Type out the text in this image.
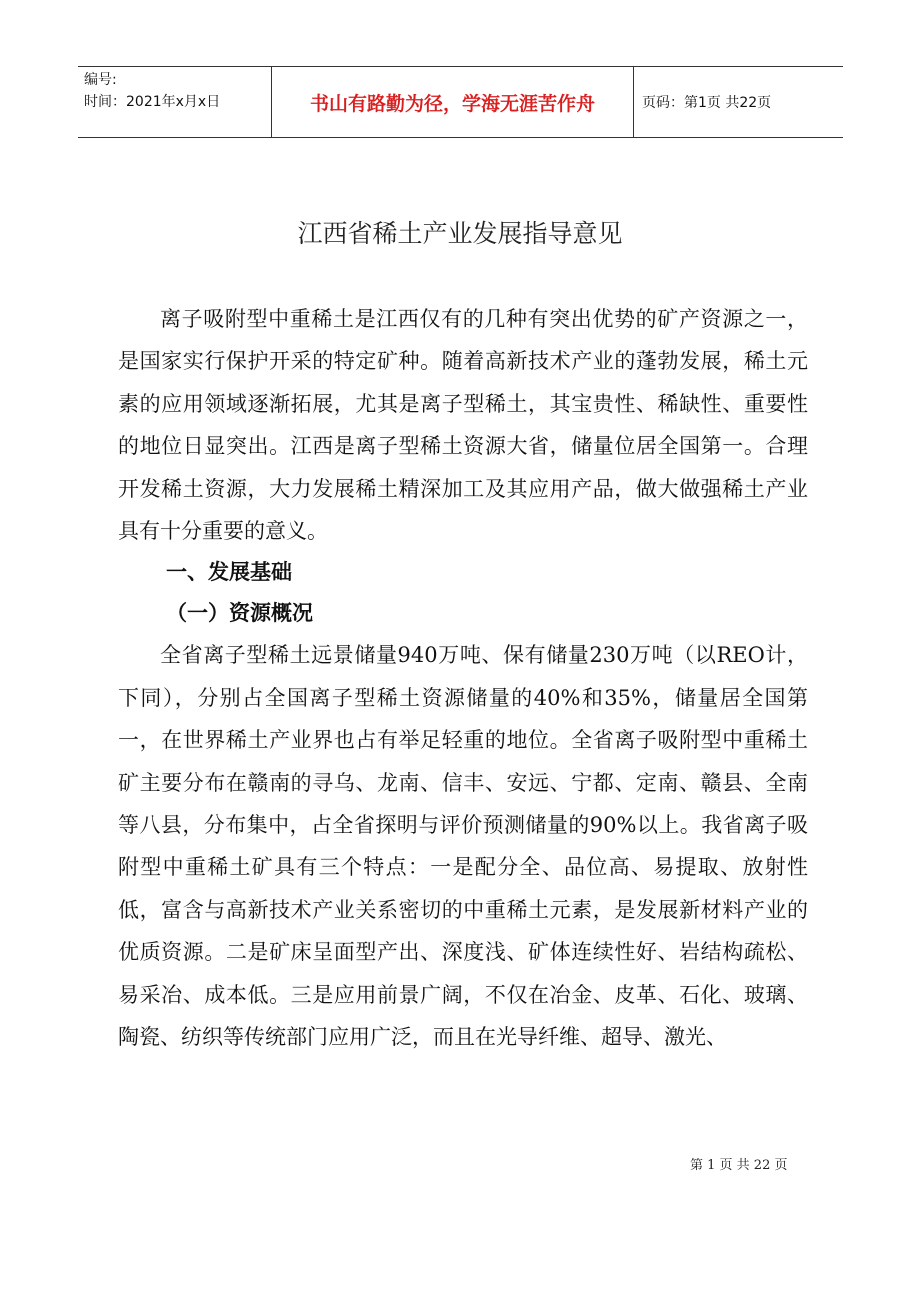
编号:
时间：2021年x月x日	书山有路勤为径，学海无涯苦作舟	页码：第1页 共22页
江西省稀土产业发展指导意见

离子吸附型中重稀土是江西仅有的几种有突出优势的矿产资源之一，是国家实行保护开采的特定矿种。随着高新技术产业的蓬勃发展，稀土元素的应用领域逐渐拓展，尤其是离子型稀土，其宝贵性、稀缺性、重要性的地位日显突出。江西是离子型稀土资源大省，储量位居全国第一。合理开发稀土资源，大力发展稀土精深加工及其应用产品，做大做强稀土产业具有十分重要的意义。

一、发展基础
（一）资源概况

全省离子型稀土远景储量940万吨、保有储量230万吨（以REO计，下同），分别占全国离子型稀土资源储量的40%和35%，储量居全国第一，在世界稀土产业界也占有举足轻重的地位。全省离子吸附型中重稀土矿主要分布在赣南的寻乌、龙南、信丰、安远、宁都、定南、赣县、全南等八县，分布集中，占全省探明与评价预测储量的90%以上。我省离子吸附型中重稀土矿具有三个特点：一是配分全、品位高、易提取、放射性低，富含与高新技术产业关系密切的中重稀土元素，是发展新材料产业的优质资源。二是矿床呈面型产出、深度浅、矿体连续性好、岩结构疏松、易采冶、成本低。三是应用前景广阔，不仅在冶金、皮革、石化、玻璃、陶瓷、纺织等传统部门应用广泛，而且在光导纤维、超导、激光、

第 1 页 共 22 页
